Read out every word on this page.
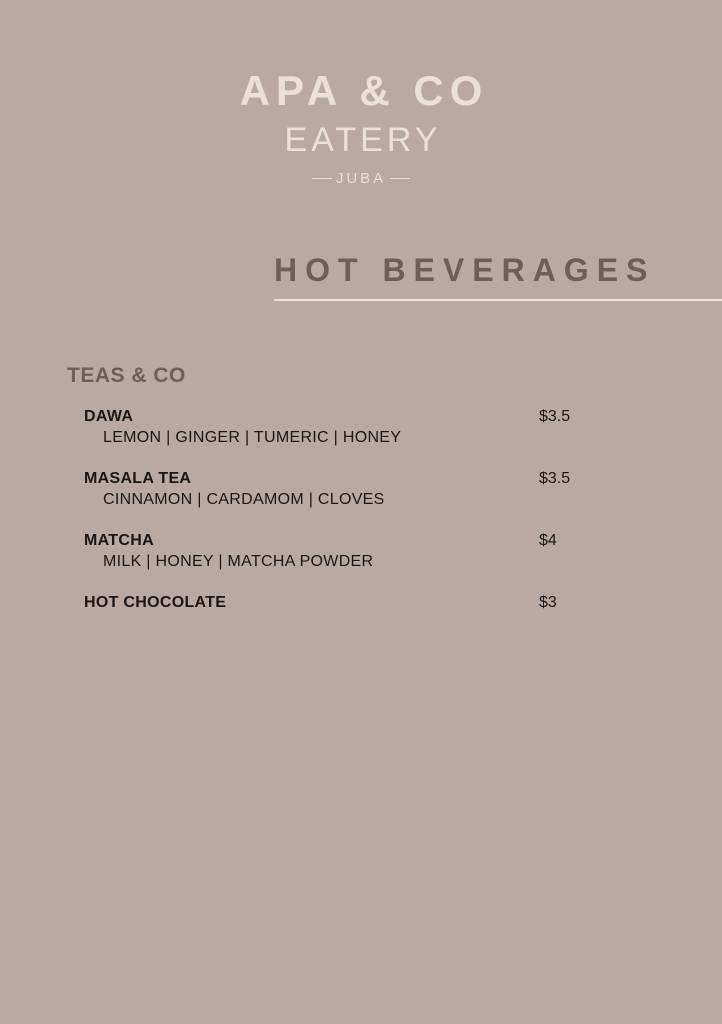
APA & CO
EATERY
JUBA
HOT BEVERAGES
TEAS & CO
DAWA
LEMON | GINGER | TUMERIC | HONEY
$3.5
MASALA TEA
CINNAMON | CARDAMOM | CLOVES
$3.5
MATCHA
MILK | HONEY | MATCHA POWDER
$4
HOT CHOCOLATE	$3
